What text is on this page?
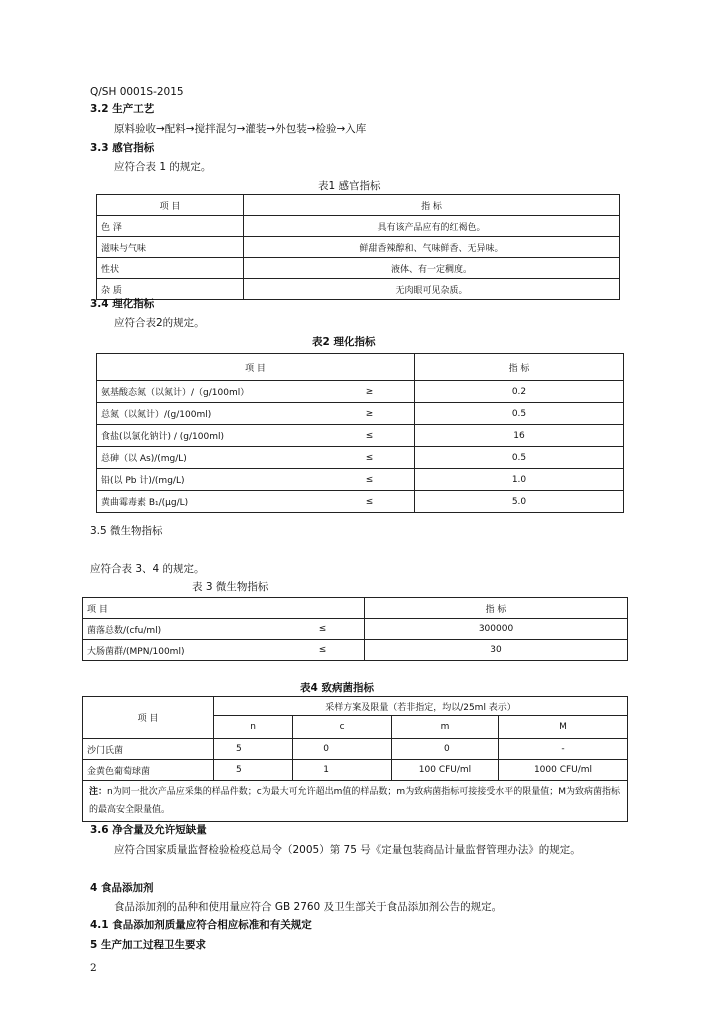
Q/SH 0001S-2015
3.2 生产工艺
原料验收→配料→搅拌混匀→灌装→外包装→检验→入库
3.3 感官指标
应符合表 1 的规定。
表1 感官指标
项 目	指 标
色 泽	具有该产品应有的红褐色。
滋味与气味	鲜甜香辣醇和、气味鲜香、无异味。
性状	液体、有一定稠度。
杂 质	无肉眼可见杂质。
3.4 理化指标
应符合表2的规定。
表2 理化指标
项 目		指 标
氨基酸态氮（以氮计）/（g/100ml）	≥	0.2
总氮（以氮计）/(g/100ml)	≥	0.5
食盐(以氯化钠计) / (g/100ml)	≤	16
总砷（以 As)/(mg/L)	≤	0.5
铅(以 Pb 计)/(mg/L)	≤	1.0
黄曲霉毒素 B₁/(μg/L)	≤	5.0
3.5 微生物指标
应符合表 3、4 的规定。
表 3 微生物指标
项 目		指 标
菌落总数/(cfu/ml)	≤	300000
大肠菌群/(MPN/100ml)	≤	30
表4 致病菌指标
项 目	采样方案及限量（若非指定，均以/25ml 表示）			
	n	c	m	M
沙门氏菌	5	0	0	-
金黄色葡萄球菌	5	1	100 CFU/ml	1000 CFU/ml
注：n为同一批次产品应采集的样品件数；c为最大可允许超出m值的样品数；m为致病菌指标可接接受水平的限量值；M为致病菌指标的最高安全限量值。				
3.6 净含量及允许短缺量
应符合国家质量监督检验检疫总局令（2005）第 75 号《定量包装商品计量监督管理办法》的规定。
4 食品添加剂
食品添加剂的品种和使用量应符合 GB 2760 及卫生部关于食品添加剂公告的规定。
4.1 食品添加剂质量应符合相应标准和有关规定
5 生产加工过程卫生要求
2
